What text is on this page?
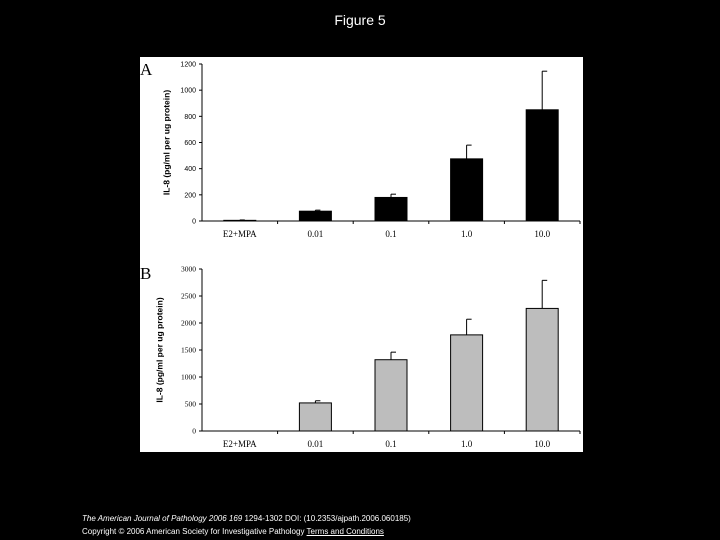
Figure 5
A
IL-8 (pg/ml per ug protein)
0
200
400
600
800
1000
1200
E2+MPA	0.01	0.1	1.0	10.0
B
IL-8 (pg/ml per ug protein)
0
500
1000
1500
2000
2500
3000
E2+MPA	0.01	0.1	1.0	10.0
The American Journal of Pathology 2006 169 1294-1302 DOI: (10.2353/ajpath.2006.060185)
Copyright © 2006 American Society for Investigative Pathology Terms and Conditions
